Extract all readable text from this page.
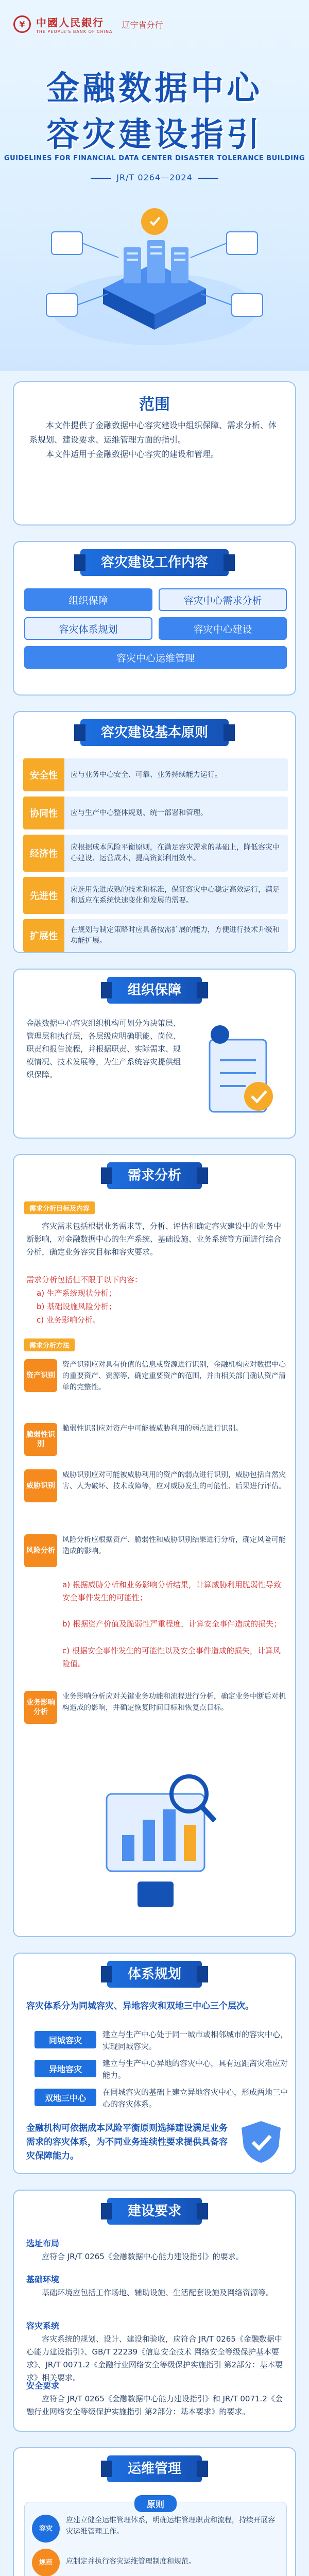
¥	中國人民銀行
THE PEOPLE'S BANK OF CHINA
辽宁省分行
金融数据中心
容灾建设指引
GUIDELINES FOR FINANCIAL DATA CENTER DISASTER TOLERANCE BUILDING
JR/T 0264—2024
范围

本文件提供了金融数据中心容灾建设中组织保障、需求分析、体系规划、建设要求、运维管理方面的指引。

本文件适用于金融数据中心容灾的建设和管理。

容灾建设工作内容
组织保障	容灾中心需求分析
容灾体系规划	容灾中心建设
容灾中心运维管理
容灾建设基本原则
安全性	应与业务中心安全、可靠、业务持续能力运行。
协同性	应与生产中心整体规划、统一部署和管理。
经济性
应根据成本风险平衡原则，在满足容灾需求的基础上，降低容灾中心建设、运营成本，提高资源利用效率。
先进性
应选用先进成熟的技术和标准，保证容灾中心稳定高效运行，满足和适应在系统快速变化和发展的需要。
扩展性
在规划与制定策略时应具备按需扩展的能力，方便进行技术升级和功能扩展。
组织保障
金融数据中心容灾组织机构可划分为决策层、管理层和执行层，各层级应明确职能、岗位、职责和报告流程，并根据职责、实际需求、规模情况、技术发展等，为生产系统容灾提供组织保障。
需求分析
需求分析目标及内容
容灾需求包括根据业务需求等，分析、评估和确定容灾建设中的业务中断影响，对金融数据中心的生产系统、基础设施、业务系统等方面进行综合分析，确定业务容灾目标和容灾要求。
需求分析包括但不限于以下内容：
a) 生产系统现状分析；
b) 基础设施风险分析；
c) 业务影响分析。
需求分析方法
资产识别
资产识别应对具有价值的信息或资源进行识别，金融机构应对数据中心的重要资产、资源等，确定重要资产的范围，并由相关部门确认资产清单的完整性。
脆弱性识别
脆弱性识别应对资产中可能被威胁利用的弱点进行识别。
威胁识别
威胁识别应对可能被威胁利用的资产的弱点进行识别，威胁包括自然灾害、人为破坏、技术故障等，应对威胁发生的可能性、后果进行评估。
风险分析
风险分析应根据资产、脆弱性和威胁识别结果进行分析，确定风险可能造成的影响。
a) 根据威胁分析和业务影响分析结果，计算威胁利用脆弱性导致安全事件发生的可能性；
b) 根据资产价值及脆弱性严重程度，计算安全事件造成的损失；
c) 根据安全事件发生的可能性以及安全事件造成的损失，计算风险值。
业务影响分析
业务影响分析应对关键业务功能和流程进行分析，确定业务中断后对机构造成的影响，并确定恢复时间目标和恢复点目标。
体系规划
容灾体系分为同城容灾、异地容灾和双地三中心三个层次。
同城容灾
建立与生产中心处于同一城市或相邻城市的容灾中心，实现同城容灾。
异地容灾
建立与生产中心异地的容灾中心，具有远距离灾难应对能力。
双地三中心
在同城容灾的基础上建立异地容灾中心，形成两地三中心的容灾体系。
金融机构可依据成本风险平衡原则选择建设满足业务需求的容灾体系，为不同业务连续性要求提供具备容灾保障能力。
建设要求
选址布局
应符合 JR/T 0265《金融数据中心能力建设指引》的要求。
基础环境
基础环境应包括工作场地、辅助设施、生活配套设施及网络资源等。
容灾系统
容灾系统的规划、设计、建设和验收，应符合 JR/T 0265《金融数据中心能力建设指引》、GB/T 22239《信息安全技术 网络安全等级保护基本要求》、JR/T 0071.2《金融行业网络安全等级保护实施指引 第2部分：基本要求》相关要求。
安全要求
应符合 JR/T 0265《金融数据中心能力建设指引》和 JR/T 0071.2《金融行业网络安全等级保护实施指引 第2部分：基本要求》的要求。
运维管理
原则
容灾
应建立健全运维管理体系，明确运维管理职责和流程，持续开展容灾运维管理工作。
规范	应制定并执行容灾运维管理制度和规范。
